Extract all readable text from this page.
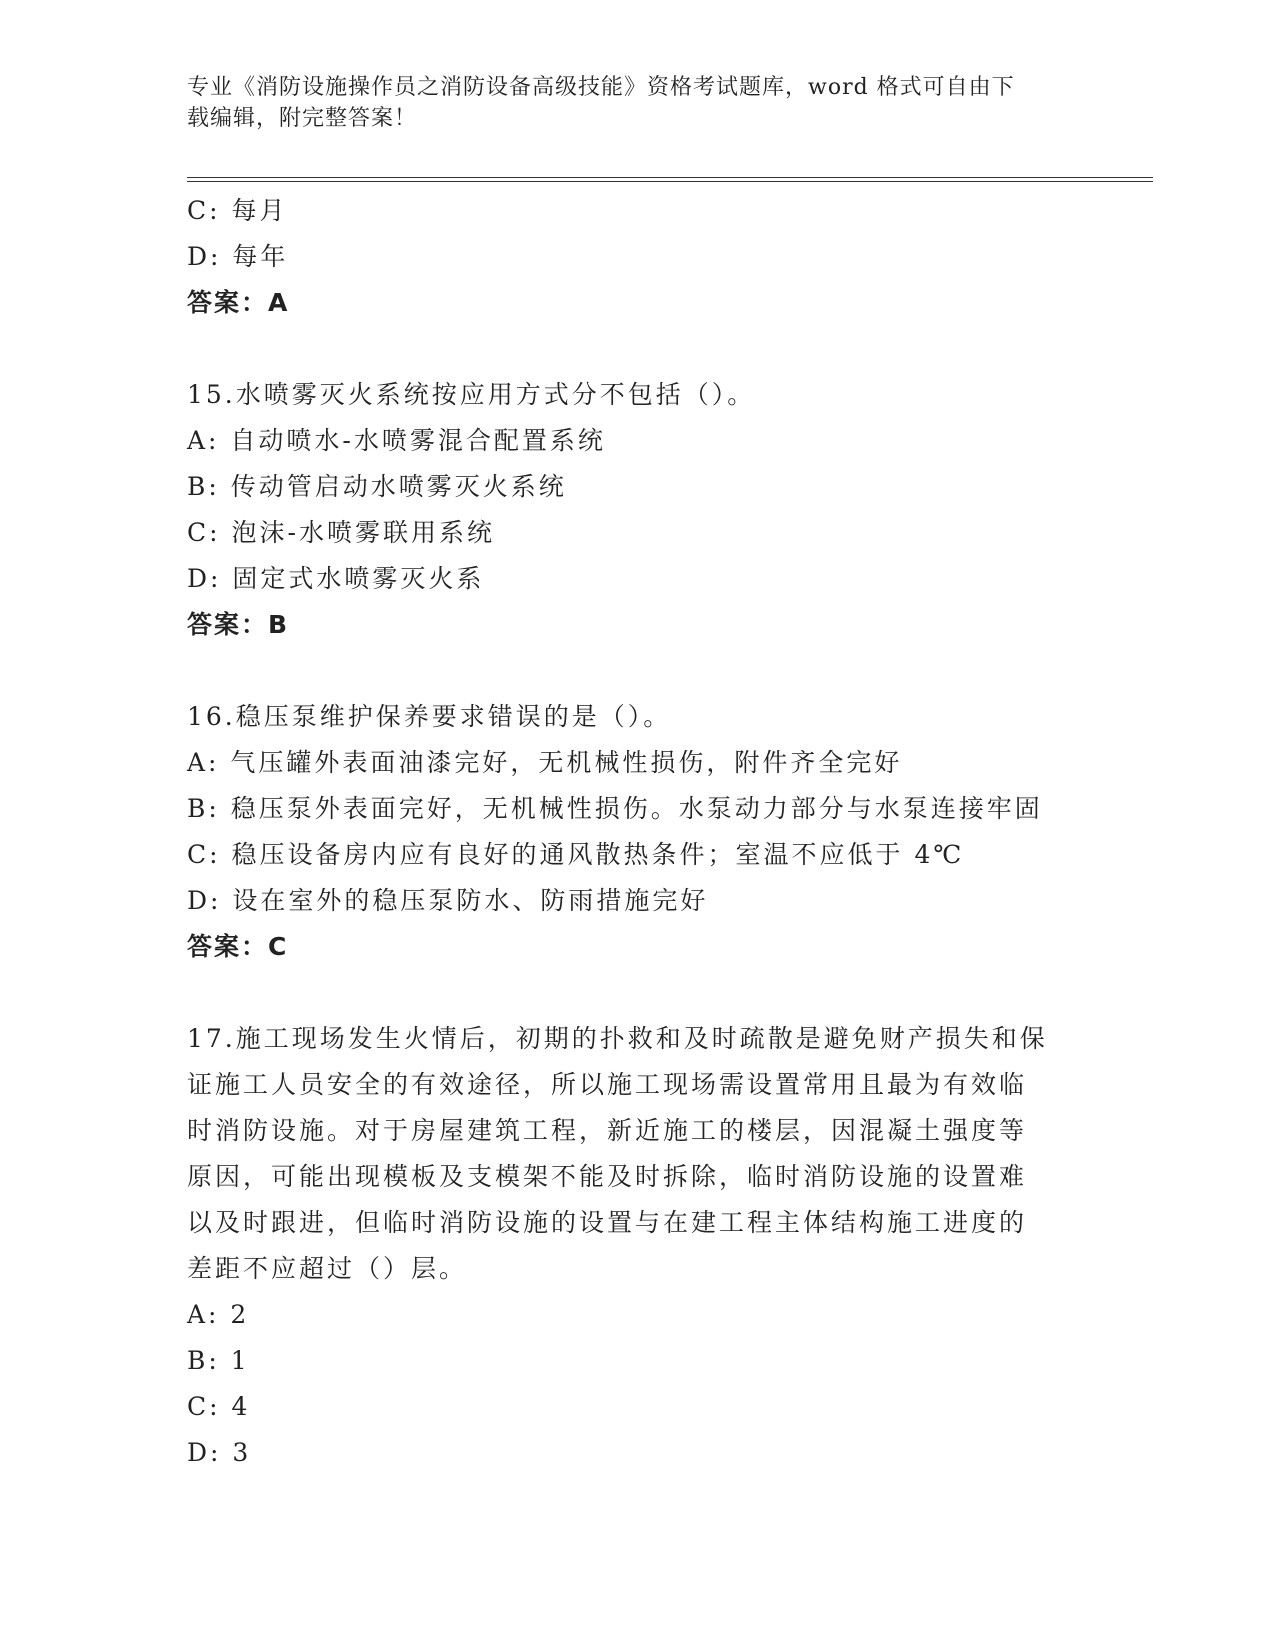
专业《消防设施操作员之消防设备高级技能》资格考试题库，word 格式可自由下
载编辑，附完整答案！
C: 每月
D: 每年
答案：A
15.水喷雾灭火系统按应用方式分不包括（）。
A: 自动喷水-水喷雾混合配置系统
B: 传动管启动水喷雾灭火系统
C: 泡沫-水喷雾联用系统
D: 固定式水喷雾灭火系
答案：B
16.稳压泵维护保养要求错误的是（）。
A: 气压罐外表面油漆完好，无机械性损伤，附件齐全完好
B: 稳压泵外表面完好，无机械性损伤。水泵动力部分与水泵连接牢固
C: 稳压设备房内应有良好的通风散热条件；室温不应低于 4℃
D: 设在室外的稳压泵防水、防雨措施完好
答案：C
17.施工现场发生火情后，初期的扑救和及时疏散是避免财产损失和保
证施工人员安全的有效途径，所以施工现场需设置常用且最为有效临
时消防设施。对于房屋建筑工程，新近施工的楼层，因混凝土强度等
原因，可能出现模板及支模架不能及时拆除，临时消防设施的设置难
以及时跟进，但临时消防设施的设置与在建工程主体结构施工进度的
差距不应超过（）层。
A: 2
B: 1
C: 4
D: 3
